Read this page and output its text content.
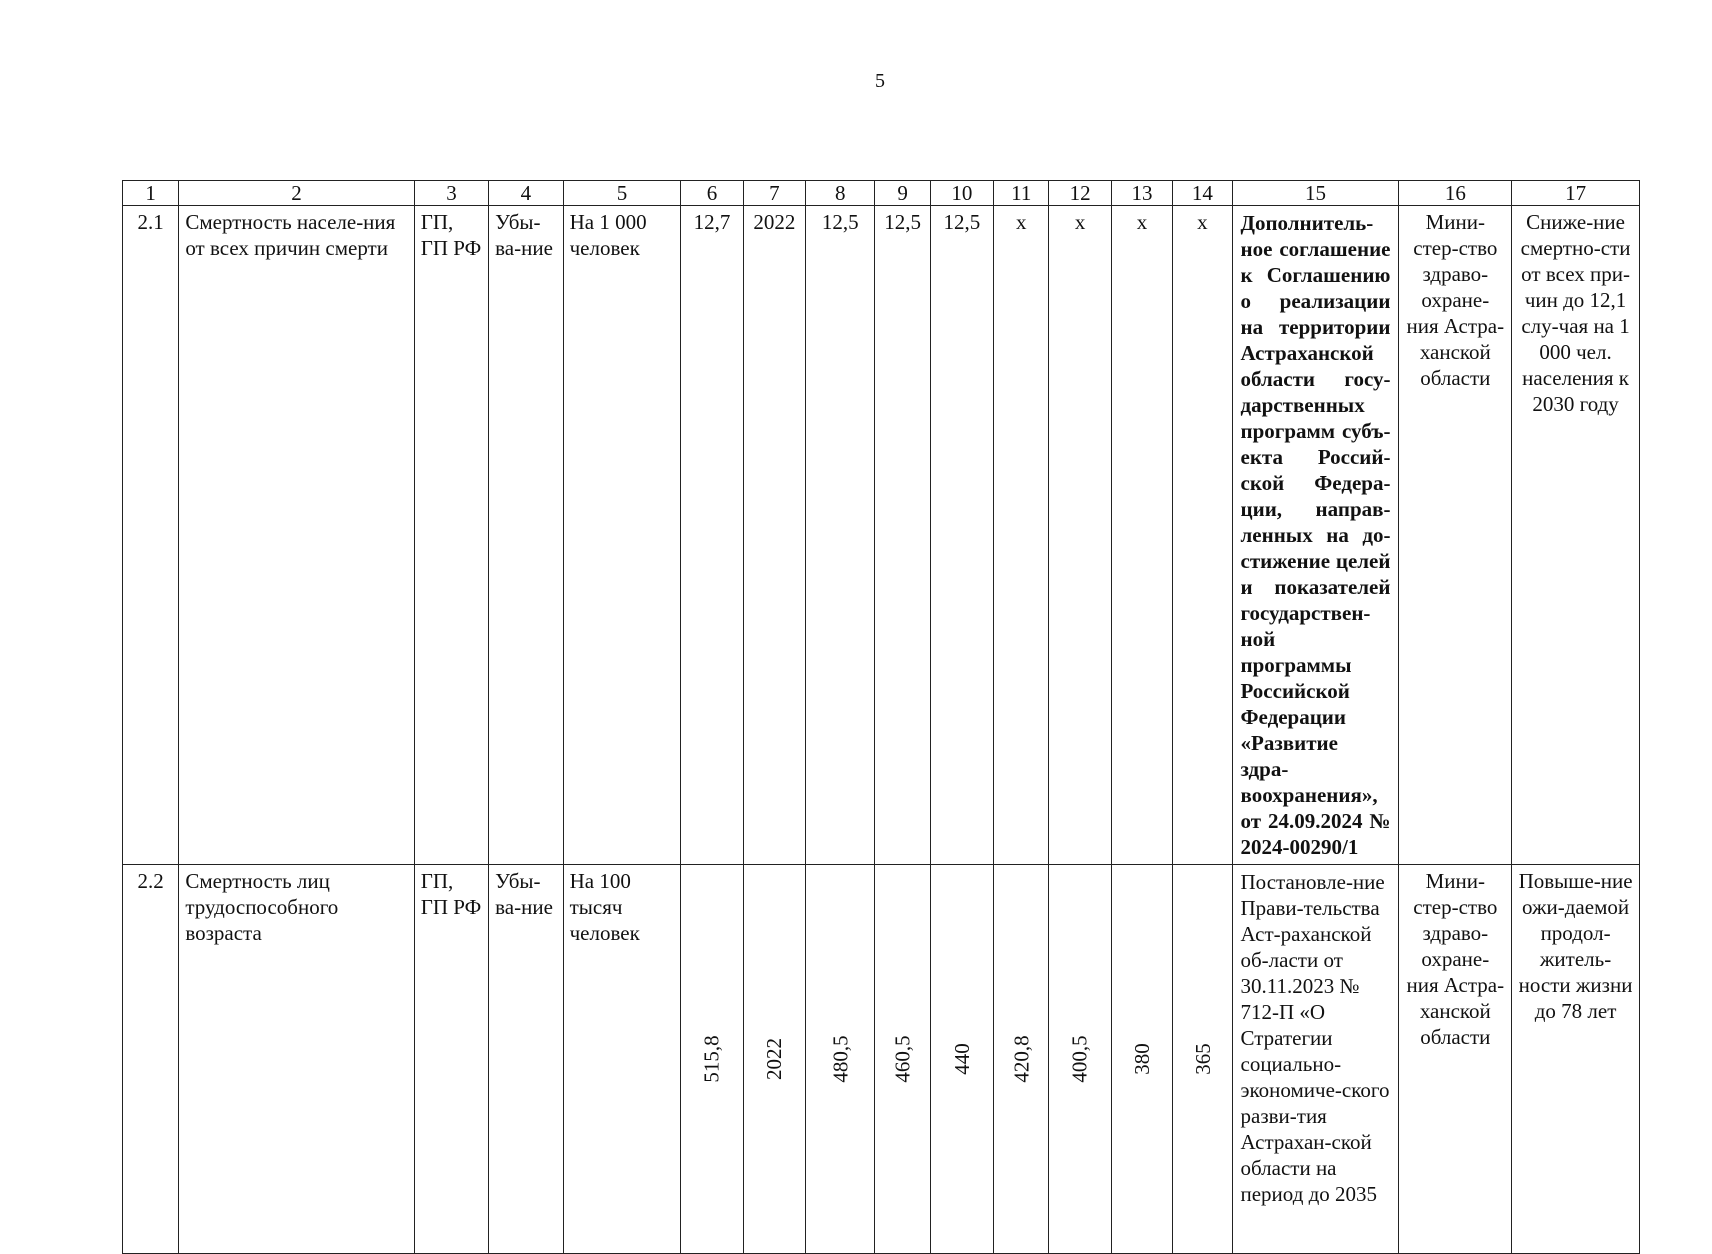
5
1	2	3	4	5	6	7	8	9	10	11	12	13	14	15	16	17
2.1	Смертность населе-ния от всех причин смерти	ГП, ГП РФ	Убы-ва-ние	На 1 000 человек	12,7	2022	12,5	12,5	12,5	х	х	х	х	Дополнитель-ное соглашение к Соглашению о реализации на территории Астраханской области госу-дарственных программ субъ-екта Россий-ской Федера-ции, направ-ленных на до-стижение целей и показателей государствен-ной программы Российской Федерации «Развитие здра-воохранения», от 24.09.2024 № 2024-00290/1	Мини-стер-ство здраво-охране-ния Астра-ханской области	Сниже-ние смертно-сти от всех при-чин до 12,1 слу-чая на 1 000 чел. населения к 2030 году
2.2	Смертность лиц трудоспособного возраста	ГП, ГП РФ	Убы-ва-ние	На 100 тысяч человек	515,8	2022	480,5	460,5	440	420,8	400,5	380	365	Постановле-ние Прави-тельства Аст-раханской об-ласти от 30.11.2023 № 712-П «О Стратегии социально-экономиче-ского разви-тия Астрахан-ской области на период до 2035	Мини-стер-ство здраво-охране-ния Астра-ханской области	Повыше-ние ожи-даемой продол-житель-ности жизни до 78 лет
